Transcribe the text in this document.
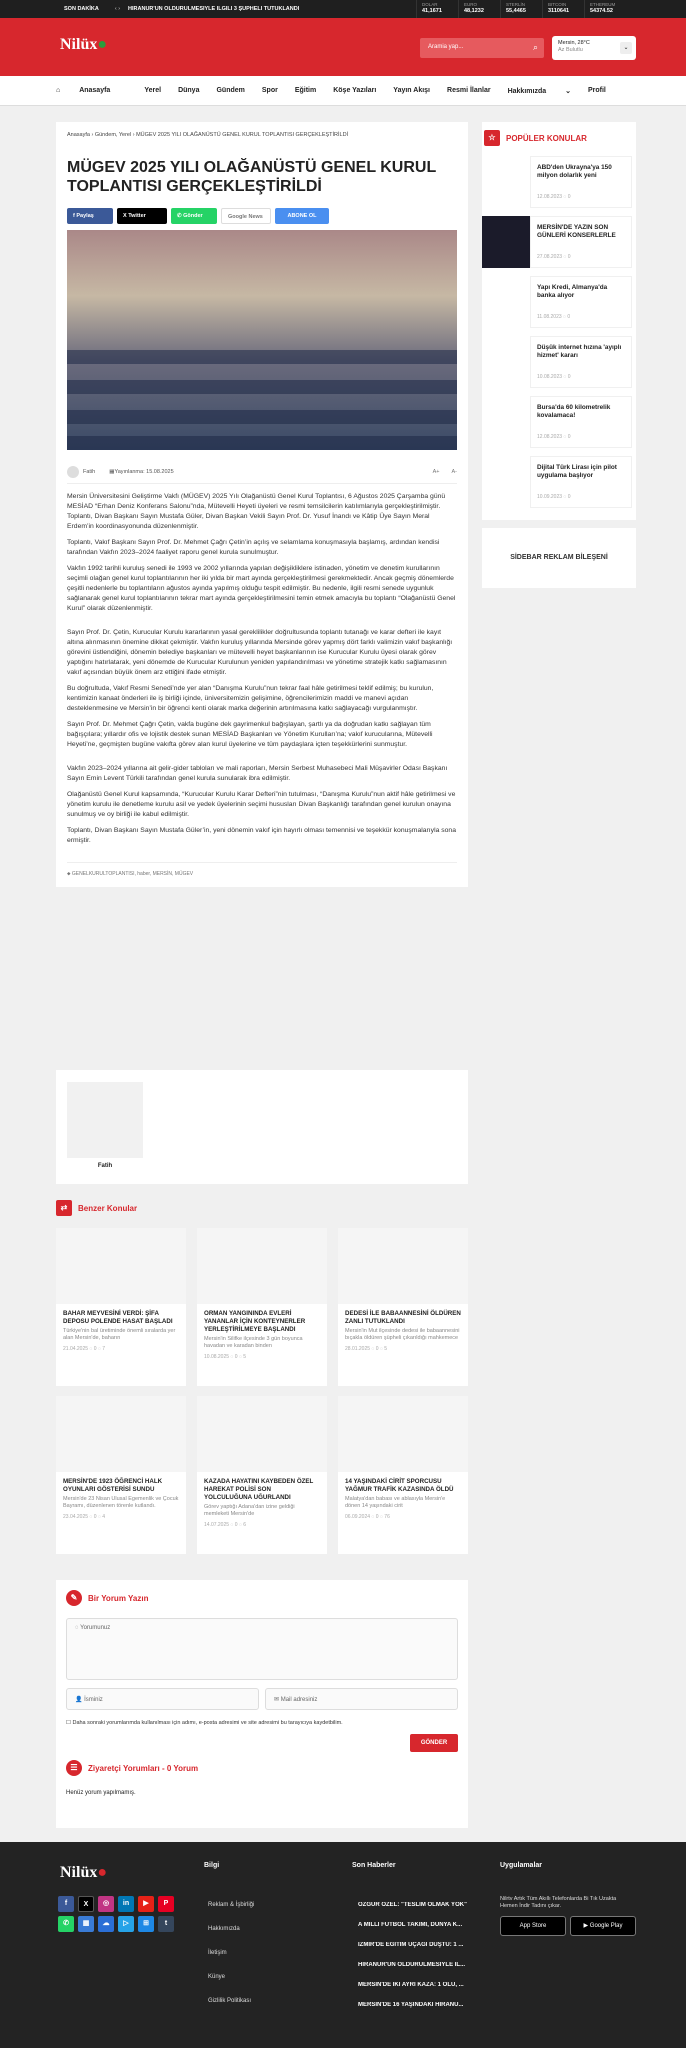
SON DAKİKA	‹ › HİRANUR'UN ÖLDÜRÜLMESİYLE İLGİLİ 3 ŞÜPHELİ TUTUKLANDI
DOLAR
41,1671
EURO
48,1232
STERLİN
55,4465
BITCOIN
3110641
ETHEREUM
54374.52
Nilüx●	Aramia yap...	⌕	Mersin, 28°C
Az Bulutlu	⌄
⌂ Anasayfa	Yerel Dünya Gündem Spor Eğitim Köşe Yazıları Yayın Akışı Resmi İlanlar Hakkımızda ⌄ Profil
Anasayfa › Gündem, Yerel › MÜGEV 2025 YILI OLAĞANÜSTÜ GENEL KURUL TOPLANTISI GERÇEKLEŞTİRİLDİ
MÜGEV 2025 YILI OLAĞANÜSTÜ GENEL KURUL TOPLANTISI GERÇEKLEŞTİRİLDİ
f Paylaş	X Twitter	✆ Gönder	Google News	ABONE OL
Fatih	▦ Yayınlanma: 15.08.2025	A+ A-

Mersin Üniversitesini Geliştirme Vakfı (MÜGEV) 2025 Yılı Olağanüstü Genel Kurul Toplantısı, 6 Ağustos 2025 Çarşamba günü MESİAD “Erhan Deniz Konferans Salonu”nda, Mütevelli Heyeti üyeleri ve resmi temsilcilerin katılımlarıyla gerçekleştirilmiştir. Toplantı, Divan Başkanı Sayın Mustafa Güler, Divan Başkan Vekili Sayın Prof. Dr. Yusuf İnandı ve Kâtip Üye Sayın Meral Erdem’in koordinasyonunda düzenlenmiştir.

Toplantı, Vakıf Başkanı Sayın Prof. Dr. Mehmet Çağrı Çetin’in açılış ve selamlama konuşmasıyla başlamış, ardından kendisi tarafından Vakfın 2023–2024 faaliyet raporu genel kurula sunulmuştur.

Vakfın 1992 tarihli kuruluş senedi ile 1993 ve 2002 yıllarında yapılan değişikliklere istinaden, yönetim ve denetim kurullarının seçimli olağan genel kurul toplantılarının her iki yılda bir mart ayında gerçekleştirilmesi gerekmektedir. Ancak geçmiş dönemlerde çeşitli nedenlerle bu toplantıların ağustos ayında yapılmış olduğu tespit edilmiştir. Bu nedenle, ilgili resmi senede uygunluk sağlanarak genel kurul toplantılarının tekrar mart ayında gerçekleştirilmesini temin etmek amacıyla bu toplantı “Olağanüstü Genel Kurul” olarak düzenlenmiştir.

Sayın Prof. Dr. Çetin, Kurucular Kurulu kararlarının yasal gereklilikler doğrultusunda toplantı tutanağı ve karar defteri ile kayıt altına alınmasının önemine dikkat çekmiştir. Vakfın kuruluş yıllarında Mersinde görev yapmış dört farklı valimizin vakıf başkanlığı görevini üstlendiğini, dönemin belediye başkanları ve mütevelli heyet başkanlarının ise Kurucular Kurulu üyesi olarak görev yaptığını hatırlatarak, yeni dönemde de Kurucular Kurulunun yeniden yapılandırılması ve yönetime stratejik katkı sağlamasının vakıf açısından büyük önem arz ettiğini ifade etmiştir.

Bu doğrultuda, Vakıf Resmi Senedi’nde yer alan “Danışma Kurulu”nun tekrar faal hâle getirilmesi teklif edilmiş; bu kurulun, kentimizin kanaat önderleri ile iş birliği içinde, üniversitemizin gelişimine, öğrencilerimizin maddi ve manevi açıdan desteklenmesine ve Mersin’in bir öğrenci kenti olarak marka değerinin artırılmasına katkı sağlayacağı vurgulanmıştır.

Sayın Prof. Dr. Mehmet Çağrı Çetin, vakfa bugüne dek gayrimenkul bağışlayan, şartlı ya da doğrudan katkı sağlayan tüm bağışçılara; yıllardır ofis ve lojistik destek sunan MESİAD Başkanları ve Yönetim Kurulları’na; vakıf kurucularına, Mütevelli Heyeti’ne, geçmişten bugüne vakıfta görev alan kurul üyelerine ve tüm paydaşlara içten teşekkürlerini sunmuştur.

Vakfın 2023–2024 yıllarına ait gelir-gider tabloları ve mali raporları, Mersin Serbest Muhasebeci Mali Müşavirler Odası Başkanı Sayın Emin Levent Türkili tarafından genel kurula sunularak ibra edilmiştir.

Olağanüstü Genel Kurul kapsamında, “Kurucular Kurulu Karar Defteri”nin tutulması, “Danışma Kurulu”nun aktif hâle getirilmesi ve yönetim kurulu ile denetleme kurulu asil ve yedek üyelerinin seçimi hususları Divan Başkanlığı tarafından genel kurulun onayına sunulmuş ve oy birliği ile kabul edilmiştir.

Toplantı, Divan Başkanı Sayın Mustafa Güler’in, yeni dönemin vakıf için hayırlı olması temennisi ve teşekkür konuşmalarıyla sona ermiştir.

⬥ GENELKURULTOPLANTISI, haber, MERSİN, MÜGEV
Fatih
⇄	Benzer Konular
BAHAR MEYVESİNİ VERDİ: ŞİFA DEPOSU POLENDE HASAT BAŞLADI
Türkiye'nin bal üretiminde önemli sıralarda yer alan Mersin'de, baharın
21.04.2025 ◌ 0 ◌ 7
ORMAN YANGININDA EVLERİ YANANLAR İÇİN KONTEYNERLER YERLEŞTİRİLMEYE BAŞLANDI
Mersin'in Silifke ilçesinde 3 gün boyunca havadan ve karadan binden
10.08.2025 ◌ 0 ◌ 5
DEDESİ İLE BABAANNESİNİ ÖLDÜREN ZANLI TUTUKLANDI
Mersin'in Mut ilçesinde dedesi ile babaannesini bıçakla öldüren şüpheli çıkarıldığı mahkemece
28.01.2025 ◌ 0 ◌ 5
MERSİN'DE 1923 ÖĞRENCİ HALK OYUNLARI GÖSTERİSİ SUNDU
Mersin'de 23 Nisan Ulusal Egemenlik ve Çocuk Bayramı, düzenlenen törenle kutlandı.
23.04.2025 ◌ 0 ◌ 4
KAZADA HAYATINI KAYBEDEN ÖZEL HAREKAT POLİSİ SON YOLCULUĞUNA UĞURLANDI
Görev yaptığı Adana'dan izine geldiği memleketi Mersin'de
14.07.2025 ◌ 0 ◌ 6
14 YAŞINDAKİ CİRİT SPORCUSU YAĞMUR TRAFİK KAZASINDA ÖLDÜ
Malatya'dan babası ve ablasıyla Mersin'e dönen 14 yaşındaki cirit
06.09.2024 ◌ 0 ◌ 76
✎	Bir Yorum Yazın
◌ Yorumunuz
👤 İsminiz	✉ Mail adresiniz
☐ Daha sonraki yorumlarımda kullanılması için adımı, e-posta adresimi ve site adresimi bu tarayıcıya kaydetbilim.
GÖNDER
☰	Ziyaretçi Yorumları - 0 Yorum
Henüz yorum yapılmamış.
☆	POPÜLER KONULAR
ABD'den Ukrayna'ya 150 milyon dolarlık yeni
12.08.2023 ◌ 0
MERSİN'DE YAZIN SON GÜNLERİ KONSERLERLE
27.08.2023 ◌ 0
Yapı Kredi, Almanya'da banka alıyor
11.08.2023 ◌ 0
Düşük internet hızına 'ayıplı hizmet' kararı
10.08.2023 ◌ 0
Bursa'da 60 kilometrelik kovalamaca!
12.08.2023 ◌ 0
Dijital Türk Lirası için pilot uygulama başlıyor
10.09.2023 ◌ 0
SİDEBAR REKLAM BİLEŞENİ
Nilüx●
f	X	◎	in	▶	P
✆	▦	☁	▷	⊞	t
Bilgi
Reklam & İşbirliği
Hakkımızda
İletişim
Künye
Gizlilik Politikası
Son Haberler
ÖZGÜR ÖZEL: "TESLİM OLMAK YOK"
A MİLLİ FUTBOL TAKIMI, DÜNYA K...
İZMİR'DE EĞİTİM UÇAĞI DÜŞTÜ: 1 ...
HİRANUR'UN ÖLDÜRÜLMESİYLE İL...
MERSİN'DE İKİ AYRI KAZA: 1 ÖLÜ, ...
MERSİN'DE 16 YAŞINDAKİ HİRANU...
Uygulamalar
Nilrtv Artık Tüm Akıllı Telefonlarda Bi Tık Uzakta Hemen İndir Tadını çıkar.
App Store	▶ Google Play
